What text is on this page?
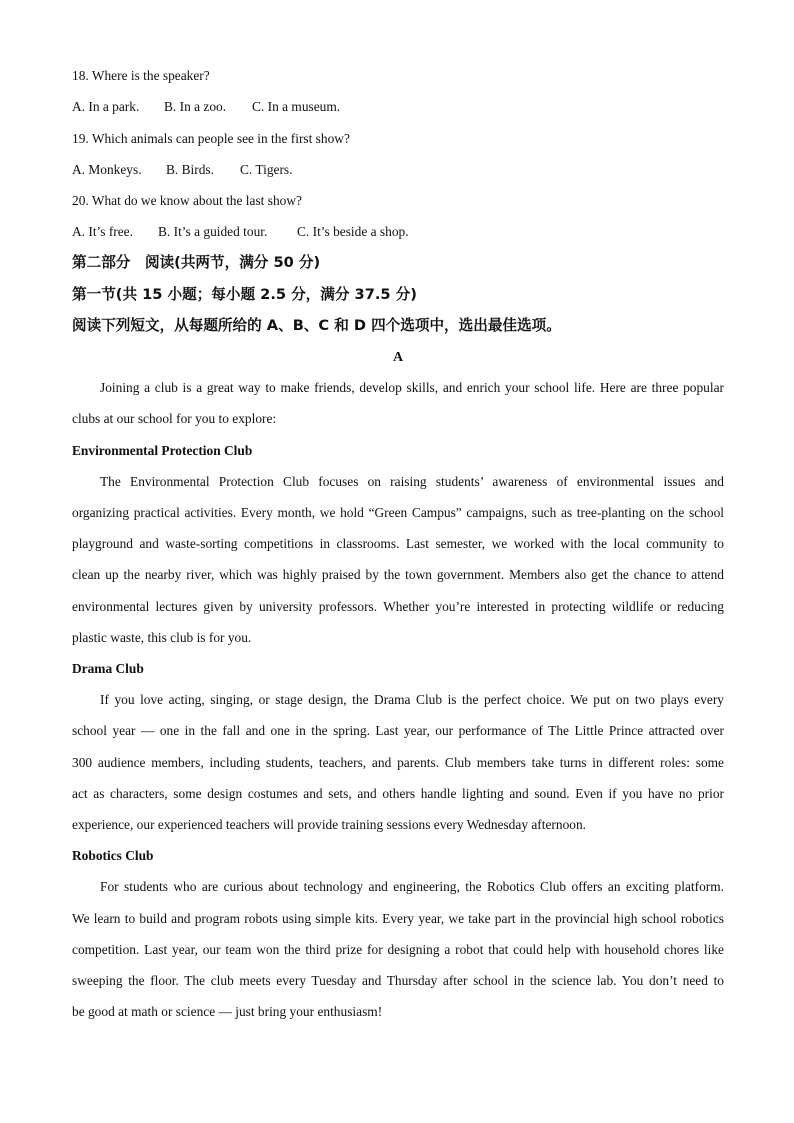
18. Where is the speaker?
A. In a park. B. In a zoo. C. In a museum.
19. Which animals can people see in the first show?
A. Monkeys. B. Birds. C. Tigers.
20. What do we know about the last show?
A. It’s free. B. It’s a guided tour. C. It’s beside a shop.
第二部分　阅读(共两节，满分 50 分)
第一节(共 15 小题；每小题 2.5 分，满分 37.5 分)
阅读下列短文，从每题所给的 A、B、C 和 D 四个选项中，选出最佳选项。
A
Joining a club is a great way to make friends, develop skills, and enrich your school life. Here are three popular
clubs at our school for you to explore:
Environmental Protection Club
The Environmental Protection Club focuses on raising students’ awareness of environmental issues and
organizing practical activities. Every month, we hold “Green Campus” campaigns, such as tree-planting on the school
playground and waste-sorting competitions in classrooms. Last semester, we worked with the local community to
clean up the nearby river, which was highly praised by the town government. Members also get the chance to attend
environmental lectures given by university professors. Whether you’re interested in protecting wildlife or reducing
plastic waste, this club is for you.
Drama Club
If you love acting, singing, or stage design, the Drama Club is the perfect choice. We put on two plays every
school year — one in the fall and one in the spring. Last year, our performance of The Little Prince attracted over
300 audience members, including students, teachers, and parents. Club members take turns in different roles: some
act as characters, some design costumes and sets, and others handle lighting and sound. Even if you have no prior
experience, our experienced teachers will provide training sessions every Wednesday afternoon.
Robotics Club
For students who are curious about technology and engineering, the Robotics Club offers an exciting platform.
We learn to build and program robots using simple kits. Every year, we take part in the provincial high school robotics
competition. Last year, our team won the third prize for designing a robot that could help with household chores like
sweeping the floor. The club meets every Tuesday and Thursday after school in the science lab. You don’t need to
be good at math or science — just bring your enthusiasm!
